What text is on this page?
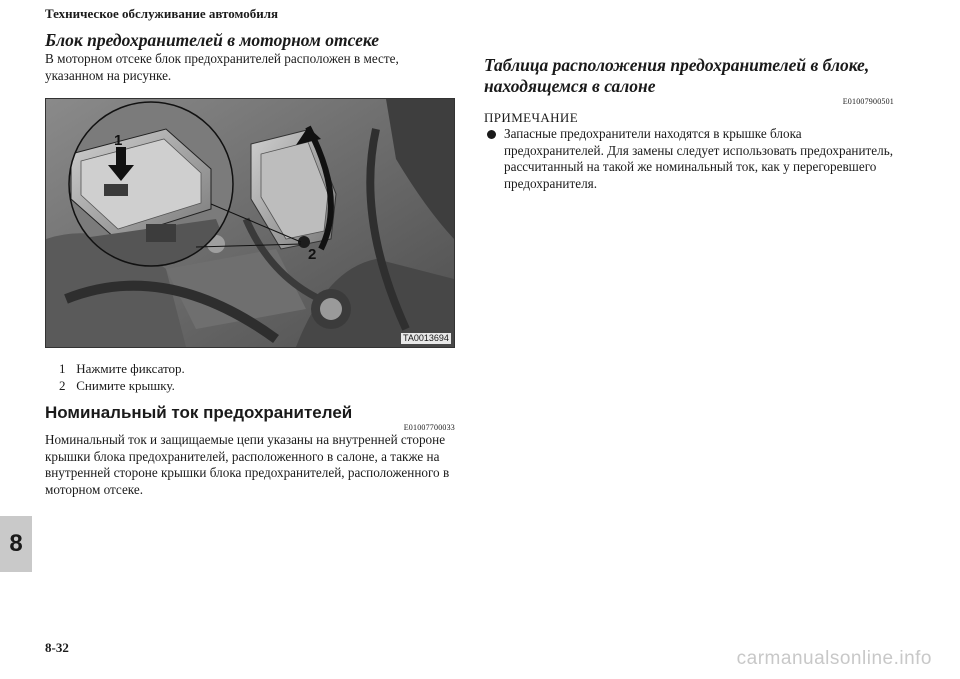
Техническое обслуживание автомобиля
Блок предохранителей в моторном отсеке

В моторном отсеке блок предохранителей расположен в месте, указанном на рисунке.

1
2
TA0013694
1 Нажмите фиксатор.
2 Снимите крышку.
Номинальный ток предохранителей
E01007700033

Номинальный ток и защищаемые цепи указаны на внутренней стороне крышки блока предохранителей, расположенного в салоне, а также на внутренней стороне крышки блока предохранителей, расположенного в моторном отсеке.

Таблица расположения предохранителей в блоке, находящемся в салоне
E01007900501
ПРИМЕЧАНИЕ
Запасные предохранители находятся в крышке блока предохранителей. Для замены следует использовать предохранитель, рассчитанный на такой же номинальный ток, как у перегоревшего предохранителя.
8
8-32
carmanualsonline.info
